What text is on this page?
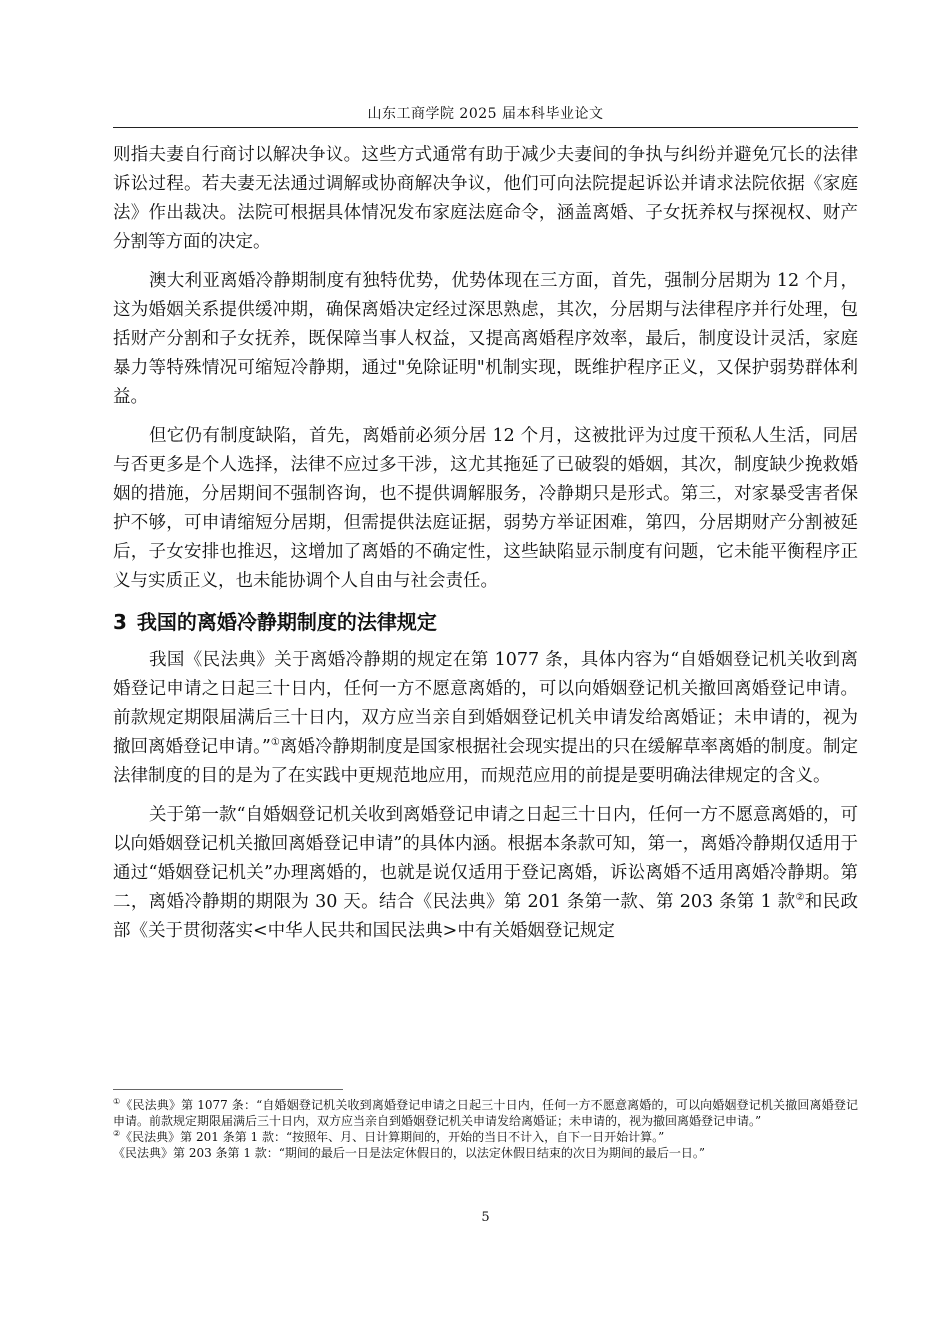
山东工商学院 2025 届本科毕业论文

则指夫妻自行商讨以解决争议。这些方式通常有助于减少夫妻间的争执与纠纷并避免冗长的法律诉讼过程。若夫妻无法通过调解或协商解决争议，他们可向法院提起诉讼并请求法院依据《家庭法》作出裁决。法院可根据具体情况发布家庭法庭命令，涵盖离婚、子女抚养权与探视权、财产分割等方面的决定。

澳大利亚离婚冷静期制度有独特优势，优势体现在三方面，首先，强制分居期为 12 个月，这为婚姻关系提供缓冲期，确保离婚决定经过深思熟虑，其次，分居期与法律程序并行处理，包括财产分割和子女抚养，既保障当事人权益，又提高离婚程序效率，最后，制度设计灵活，家庭暴力等特殊情况可缩短冷静期，通过"免除证明"机制实现，既维护程序正义，又保护弱势群体利益。

但它仍有制度缺陷，首先，离婚前必须分居 12 个月，这被批评为过度干预私人生活，同居与否更多是个人选择，法律不应过多干涉，这尤其拖延了已破裂的婚姻，其次，制度缺少挽救婚姻的措施，分居期间不强制咨询，也不提供调解服务，冷静期只是形式。第三，对家暴受害者保护不够，可申请缩短分居期，但需提供法庭证据，弱势方举证困难，第四，分居期财产分割被延后，子女安排也推迟，这增加了离婚的不确定性，这些缺陷显示制度有问题，它未能平衡程序正义与实质正义，也未能协调个人自由与社会责任。

3 我国的离婚冷静期制度的法律规定

我国《民法典》关于离婚冷静期的规定在第 1077 条，具体内容为“自婚姻登记机关收到离婚登记申请之日起三十日内，任何一方不愿意离婚的，可以向婚姻登记机关撤回离婚登记申请。前款规定期限届满后三十日内，双方应当亲自到婚姻登记机关申请发给离婚证；未申请的，视为撤回离婚登记申请。”①离婚冷静期制度是国家根据社会现实提出的只在缓解草率离婚的制度。制定法律制度的目的是为了在实践中更规范地应用，而规范应用的前提是要明确法律规定的含义。

关于第一款“自婚姻登记机关收到离婚登记申请之日起三十日内，任何一方不愿意离婚的，可以向婚姻登记机关撤回离婚登记申请”的具体内涵。根据本条款可知，第一，离婚冷静期仅适用于通过“婚姻登记机关”办理离婚的，也就是说仅适用于登记离婚，诉讼离婚不适用离婚冷静期。第二，离婚冷静期的期限为 30 天。结合《民法典》第 201 条第一款、第 203 条第 1 款②和民政部《关于贯彻落实<中华人民共和国民法典>中有关婚姻登记规定

①《民法典》第 1077 条：“自婚姻登记机关收到离婚登记申请之日起三十日内，任何一方不愿意离婚的，可以向婚姻登记机关撤回离婚登记申请。前款规定期限届满后三十日内，双方应当亲自到婚姻登记机关申请发给离婚证；未申请的，视为撤回离婚登记申请。”

②《民法典》第 201 条第 1 款：“按照年、月、日计算期间的，开始的当日不计入，自下一日开始计算。”

《民法典》第 203 条第 1 款：“期间的最后一日是法定休假日的，以法定休假日结束的次日为期间的最后一日。”

5
